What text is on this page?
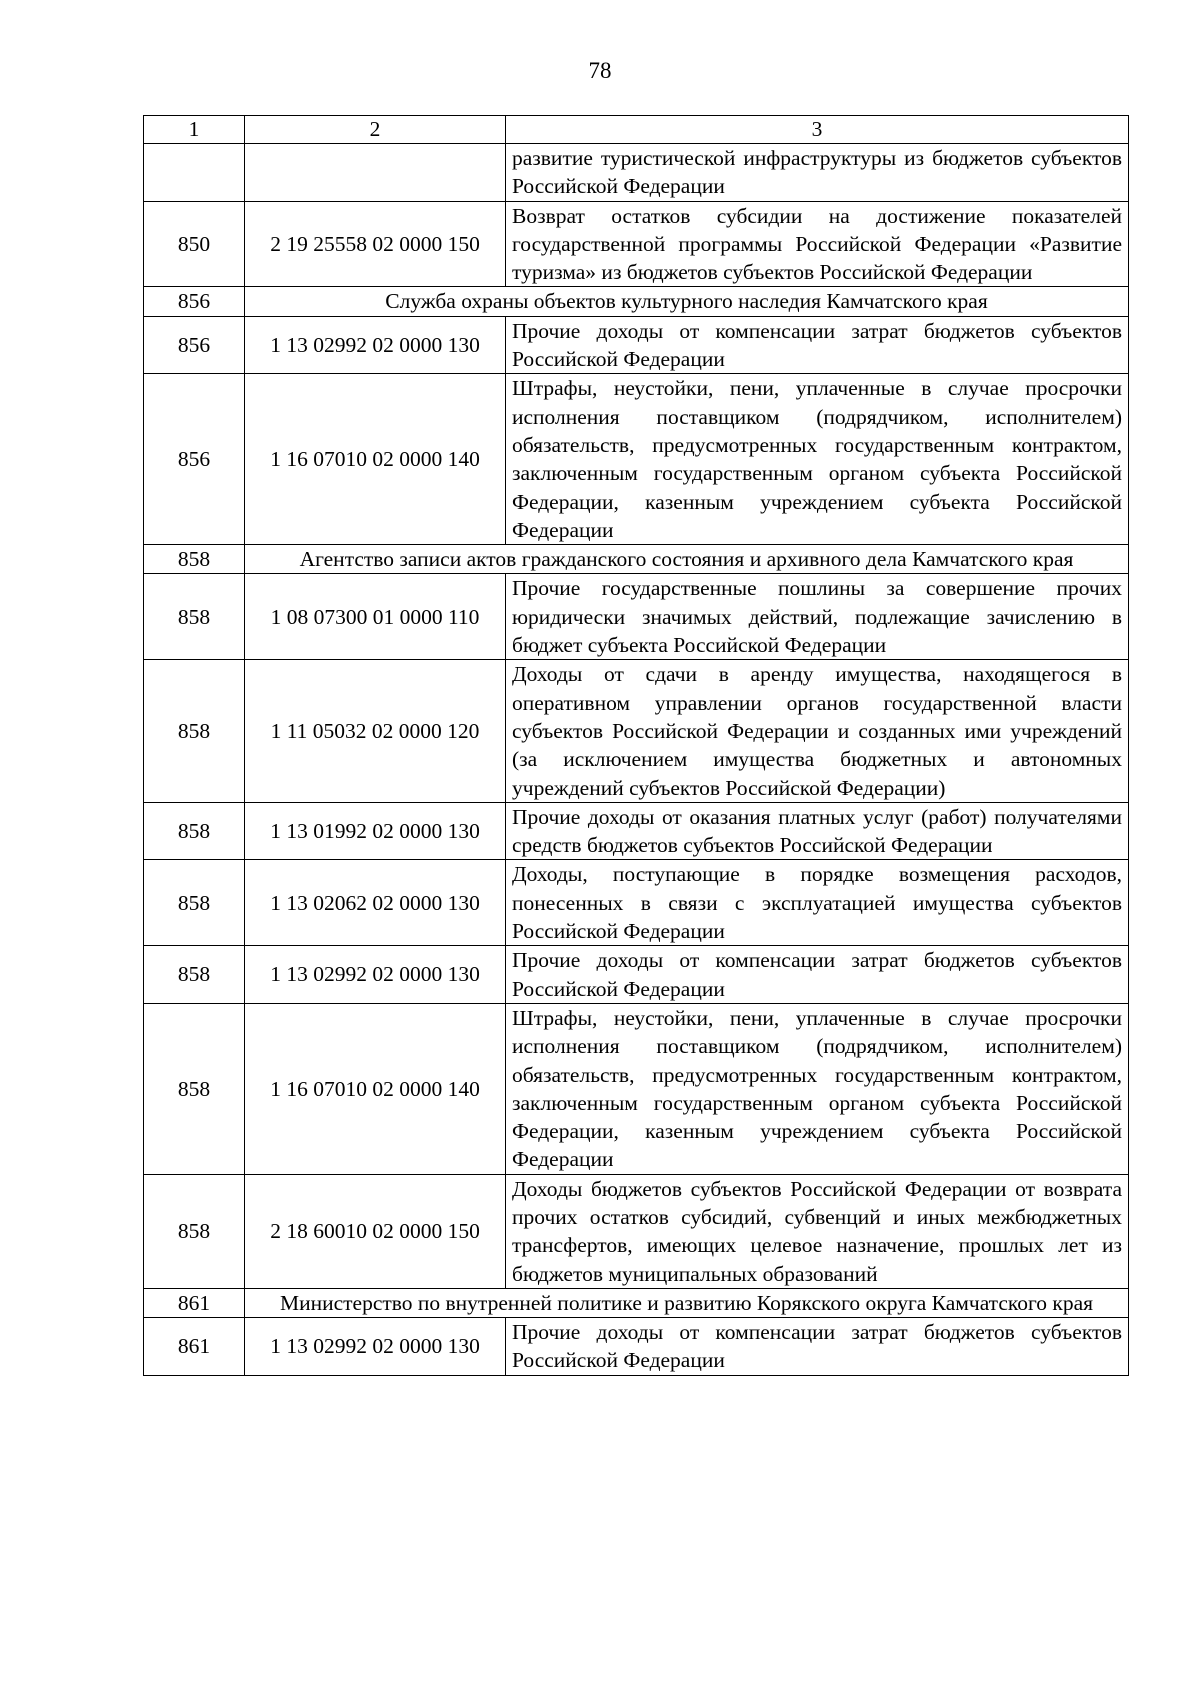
78
1	2	3
		развитие туристической инфраструктуры из бюджетов субъектов Российской Федерации
850	2 19 25558 02 0000 150	Возврат остатков субсидии на достижение показателей государственной программы Российской Федерации «Развитие туризма» из бюджетов субъектов Российской Федерации
856	Служба охраны объектов культурного наследия Камчатского края	
856	1 13 02992 02 0000 130	Прочие доходы от компенсации затрат бюджетов субъектов Российской Федерации
856	1 16 07010 02 0000 140	Штрафы, неустойки, пени, уплаченные в случае просрочки исполнения поставщиком (подрядчиком, исполнителем) обязательств, предусмотренных государственным контрактом, заключенным государственным органом субъекта Российской Федерации, казенным учреждением субъекта Российской Федерации
858	Агентство записи актов гражданского состояния и архивного дела Камчатского края	
858	1 08 07300 01 0000 110	Прочие государственные пошлины за совершение прочих юридически значимых действий, подлежащие зачислению в бюджет субъекта Российской Федерации
858	1 11 05032 02 0000 120	Доходы от сдачи в аренду имущества, находящегося в оперативном управлении органов государственной власти субъектов Российской Федерации и созданных ими учреждений (за исключением имущества бюджетных и автономных учреждений субъектов Российской Федерации)
858	1 13 01992 02 0000 130	Прочие доходы от оказания платных услуг (работ) получателями средств бюджетов субъектов Российской Федерации
858	1 13 02062 02 0000 130	Доходы, поступающие в порядке возмещения расходов, понесенных в связи с эксплуатацией имущества субъектов Российской Федерации
858	1 13 02992 02 0000 130	Прочие доходы от компенсации затрат бюджетов субъектов Российской Федерации
858	1 16 07010 02 0000 140	Штрафы, неустойки, пени, уплаченные в случае просрочки исполнения поставщиком (подрядчиком, исполнителем) обязательств, предусмотренных государственным контрактом, заключенным государственным органом субъекта Российской Федерации, казенным учреждением субъекта Российской Федерации
858	2 18 60010 02 0000 150	Доходы бюджетов субъектов Российской Федерации от возврата прочих остатков субсидий, субвенций и иных межбюджетных трансфертов, имеющих целевое назначение, прошлых лет из бюджетов муниципальных образований
861	Министерство по внутренней политике и развитию Корякского округа Камчатского края	
861	1 13 02992 02 0000 130	Прочие доходы от компенсации затрат бюджетов субъектов Российской Федерации
